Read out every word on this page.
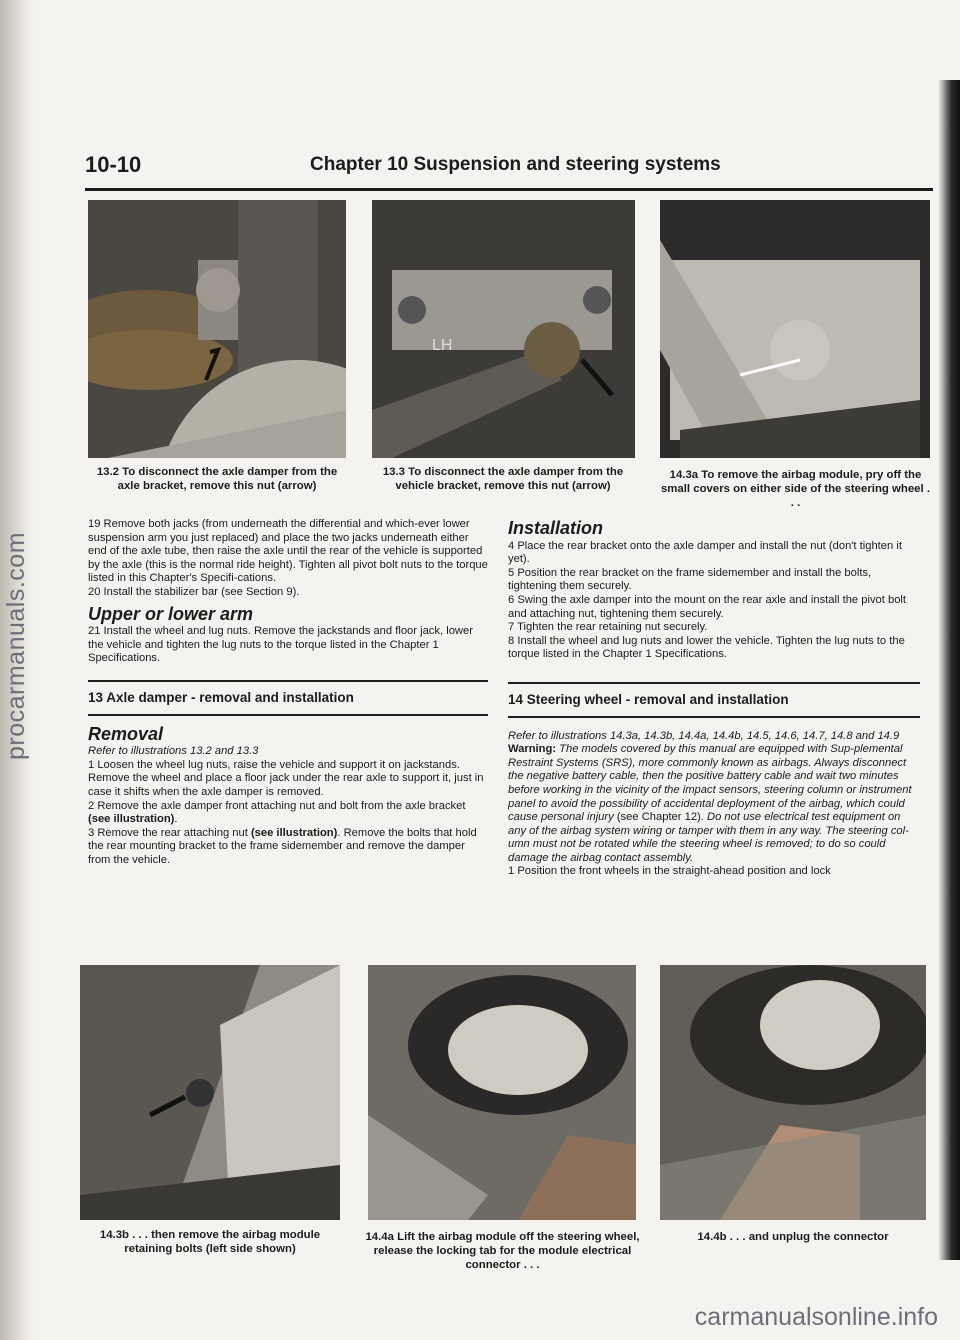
procarmanuals.com
carmanualsonline.info
10-10	Chapter 10 Suspension and steering systems
LH
13.2 To disconnect the axle damper from the axle bracket, remove this nut (arrow)
13.3 To disconnect the axle damper from the vehicle bracket, remove this nut (arrow)
14.3a To remove the airbag module, pry off the small covers on either side of the steering wheel . . .

19 Remove both jacks (from underneath the differential and which-ever lower suspension arm you just replaced) and place the two jacks underneath either end of the axle tube, then raise the axle until the rear of the vehicle is supported by the axle (this is the normal ride height). Tighten all pivot bolt nuts to the torque listed in this Chapter's Specifi-cations.

20 Install the stabilizer bar (see Section 9).

Upper or lower arm

21 Install the wheel and lug nuts. Remove the jackstands and floor jack, lower the vehicle and tighten the lug nuts to the torque listed in the Chapter 1 Specifications.

13 Axle damper - removal and installation
Removal

Refer to illustrations 13.2 and 13.3

1 Loosen the wheel lug nuts, raise the vehicle and support it on jackstands. Remove the wheel and place a floor jack under the rear axle to support it, just in case it shifts when the axle damper is removed.

2 Remove the axle damper front attaching nut and bolt from the axle bracket (see illustration).

3 Remove the rear attaching nut (see illustration). Remove the bolts that hold the rear mounting bracket to the frame sidemember and remove the damper from the vehicle.

Installation

4 Place the rear bracket onto the axle damper and install the nut (don't tighten it yet).

5 Position the rear bracket on the frame sidemember and install the bolts, tightening them securely.

6 Swing the axle damper into the mount on the rear axle and install the pivot bolt and attaching nut, tightening them securely.

7 Tighten the rear retaining nut securely.

8 Install the wheel and lug nuts and lower the vehicle. Tighten the lug nuts to the torque listed in the Chapter 1 Specifications.

14 Steering wheel - removal and installation

Refer to illustrations 14.3a, 14.3b, 14.4a, 14.4b, 14.5, 14.6, 14.7, 14.8 and 14.9

Warning: The models covered by this manual are equipped with Sup-plemental Restraint Systems (SRS), more commonly known as airbags. Always disconnect the negative battery cable, then the positive battery cable and wait two minutes before working in the vicinity of the impact sensors, steering column or instrument panel to avoid the possibility of accidental deployment of the airbag, which could cause personal injury (see Chapter 12). Do not use electrical test equipment on any of the airbag system wiring or tamper with them in any way. The steering col-umn must not be rotated while the steering wheel is removed; to do so could damage the airbag contact assembly.

1 Position the front wheels in the straight-ahead position and lock

14.3b . . . then remove the airbag module retaining bolts (left side shown)
14.4a Lift the airbag module off the steering wheel, release the locking tab for the module electrical connector . . .
14.4b . . . and unplug the connector
